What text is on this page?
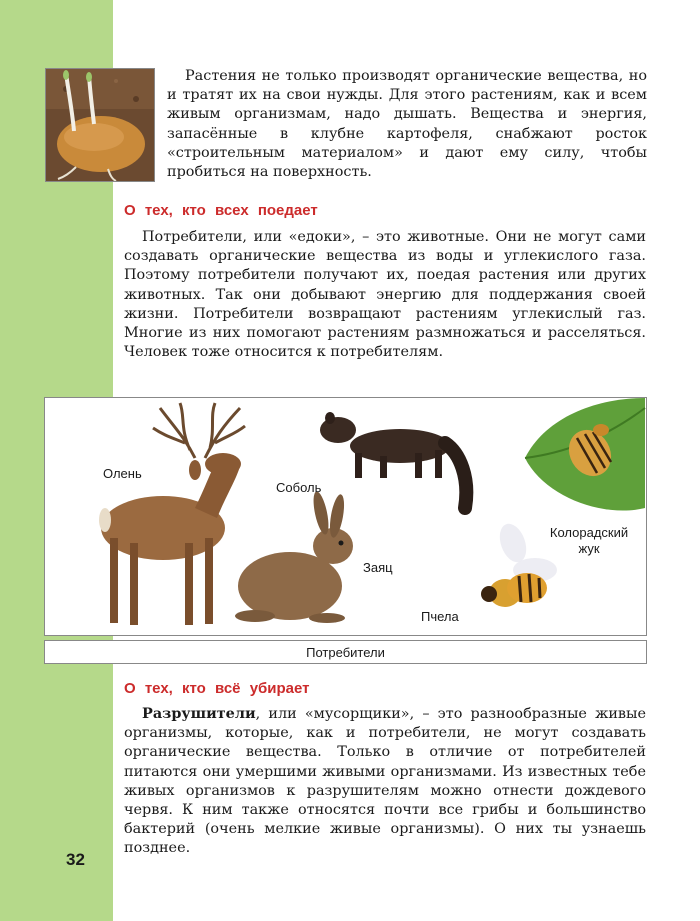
Растения не только производят органические вещества, но и тратят их на свои нужды. Для этого растениям, как и всем живым организмам, надо дышать. Вещества и энергия, запасённые в клубне картофеля, снабжают росток «строительным материалом» и дают ему силу, чтобы пробиться на поверхность.

О тех, кто всех поедает

Потребители, или «едоки», – это животные. Они не могут сами создавать органические вещества из воды и углекислого газа. Поэтому потребители получают их, поедая растения или других животных. Так они добывают энергию для поддержания своей жизни. Потребители возвращают растениям углекислый газ. Многие из них помогают растениям размножаться и расселяться. Человек тоже относится к потребителям.

Олень
Соболь
Заяц
Пчела
Колорадский жук
Потребители
О тех, кто всё убирает

Разрушители, или «мусорщики», – это разнообразные живые организмы, которые, как и потребители, не могут создавать органические вещества. Только в отличие от потребителей питаются они умершими живыми организмами. Из известных тебе живых организмов к разрушителям можно отнести дождевого червя. К ним также относятся почти все грибы и большинство бактерий (очень мелкие живые организмы). О них ты узнаешь позднее.

32
